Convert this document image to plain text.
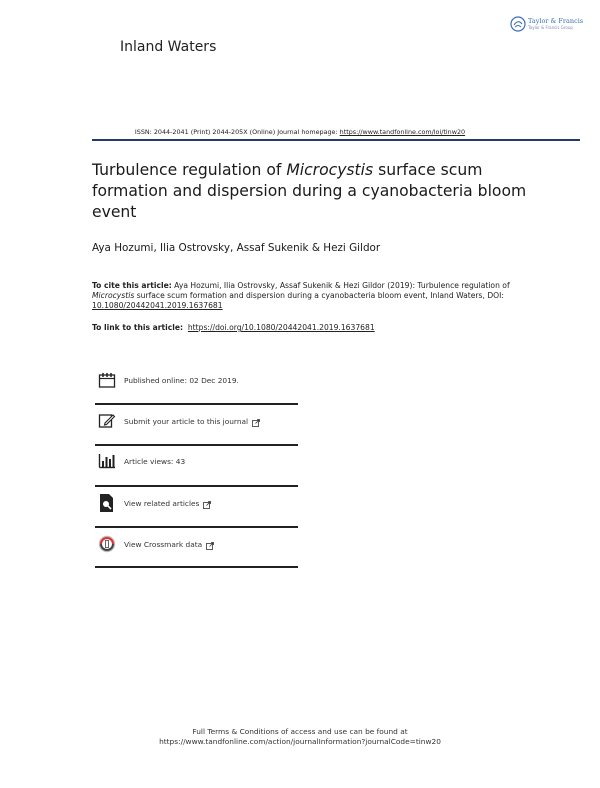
Inland Waters
Taylor & Francis
Taylor & Francis Group
ISSN: 2044-2041 (Print) 2044-205X (Online) Journal homepage: https://www.tandfonline.com/loi/tinw20
Turbulence regulation of Microcystis surface scum formation and dispersion during a cyanobacteria bloom event
Aya Hozumi, Ilia Ostrovsky, Assaf Sukenik & Hezi Gildor
To cite this article: Aya Hozumi, Ilia Ostrovsky, Assaf Sukenik & Hezi Gildor (2019): Turbulence regulation of Microcystis surface scum formation and dispersion during a cyanobacteria bloom event, Inland Waters, DOI: 10.1080/20442041.2019.1637681
To link to this article: https://doi.org/10.1080/20442041.2019.1637681
Published online: 02 Dec 2019.
Submit your article to this journal
Article views: 43
View related articles
View Crossmark data
Full Terms & Conditions of access and use can be found at
https://www.tandfonline.com/action/journalInformation?journalCode=tinw20
